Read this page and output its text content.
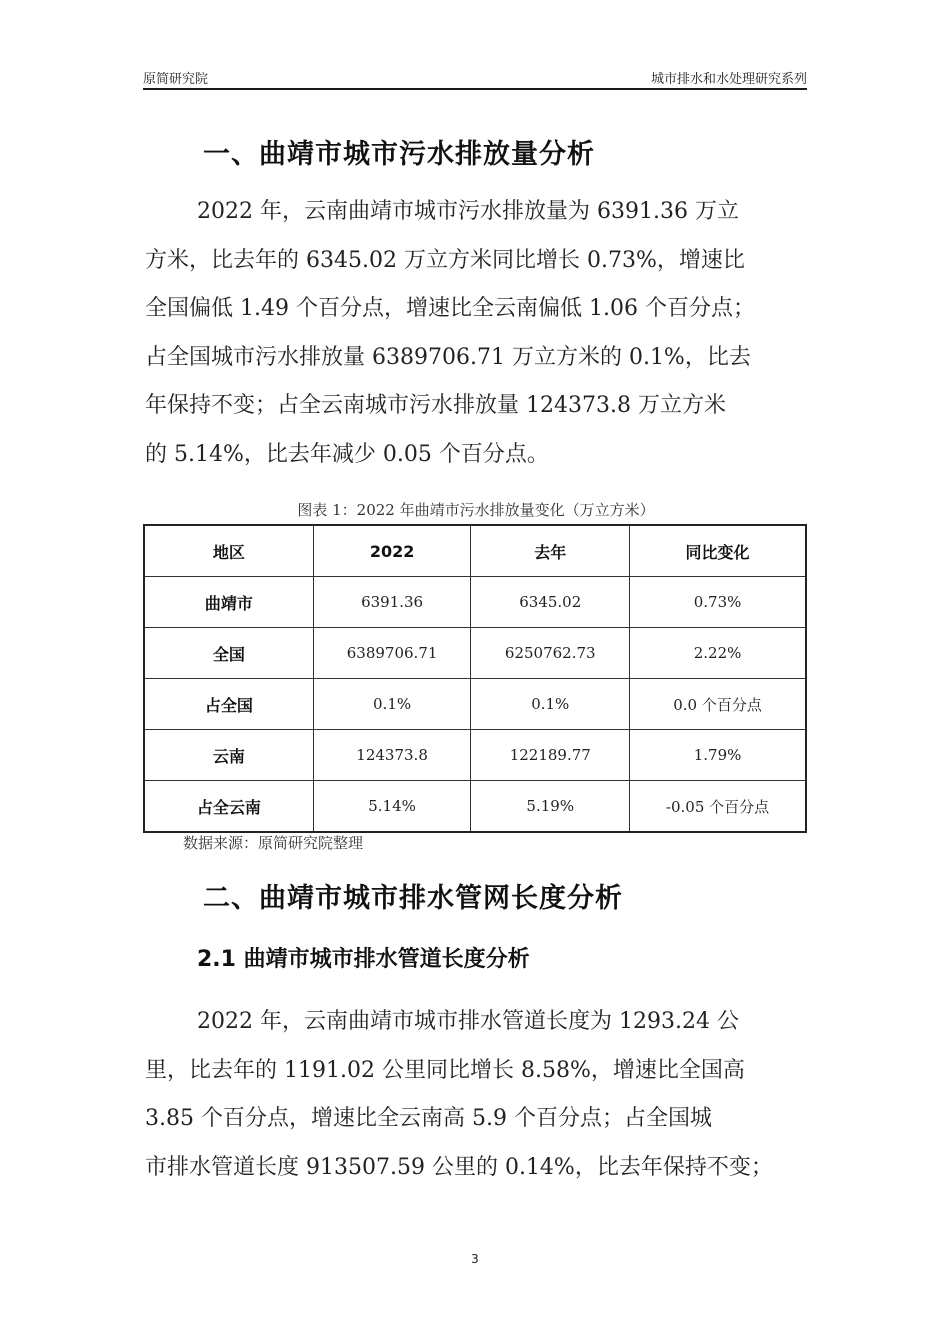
原简研究院	城市排水和水处理研究系列
一、曲靖市城市污水排放量分析
2022 年，云南曲靖市城市污水排放量为 6391.36 万立
方米，比去年的 6345.02 万立方米同比增长 0.73%，增速比
全国偏低 1.49 个百分点，增速比全云南偏低 1.06 个百分点；
占全国城市污水排放量 6389706.71 万立方米的 0.1%，比去
年保持不变；占全云南城市污水排放量 124373.8 万立方米
的 5.14%，比去年减少 0.05 个百分点。
图表 1：2022 年曲靖市污水排放量变化（万立方米）
地区	2022	去年	同比变化
曲靖市	6391.36	6345.02	0.73%
全国	6389706.71	6250762.73	2.22%
占全国	0.1%	0.1%	0.0 个百分点
云南	124373.8	122189.77	1.79%
占全云南	5.14%	5.19%	-0.05 个百分点
数据来源：原简研究院整理
二、曲靖市城市排水管网长度分析
2.1 曲靖市城市排水管道长度分析
2022 年，云南曲靖市城市排水管道长度为 1293.24 公
里，比去年的 1191.02 公里同比增长 8.58%，增速比全国高
3.85 个百分点，增速比全云南高 5.9 个百分点；占全国城
市排水管道长度 913507.59 公里的 0.14%，比去年保持不变；
3
